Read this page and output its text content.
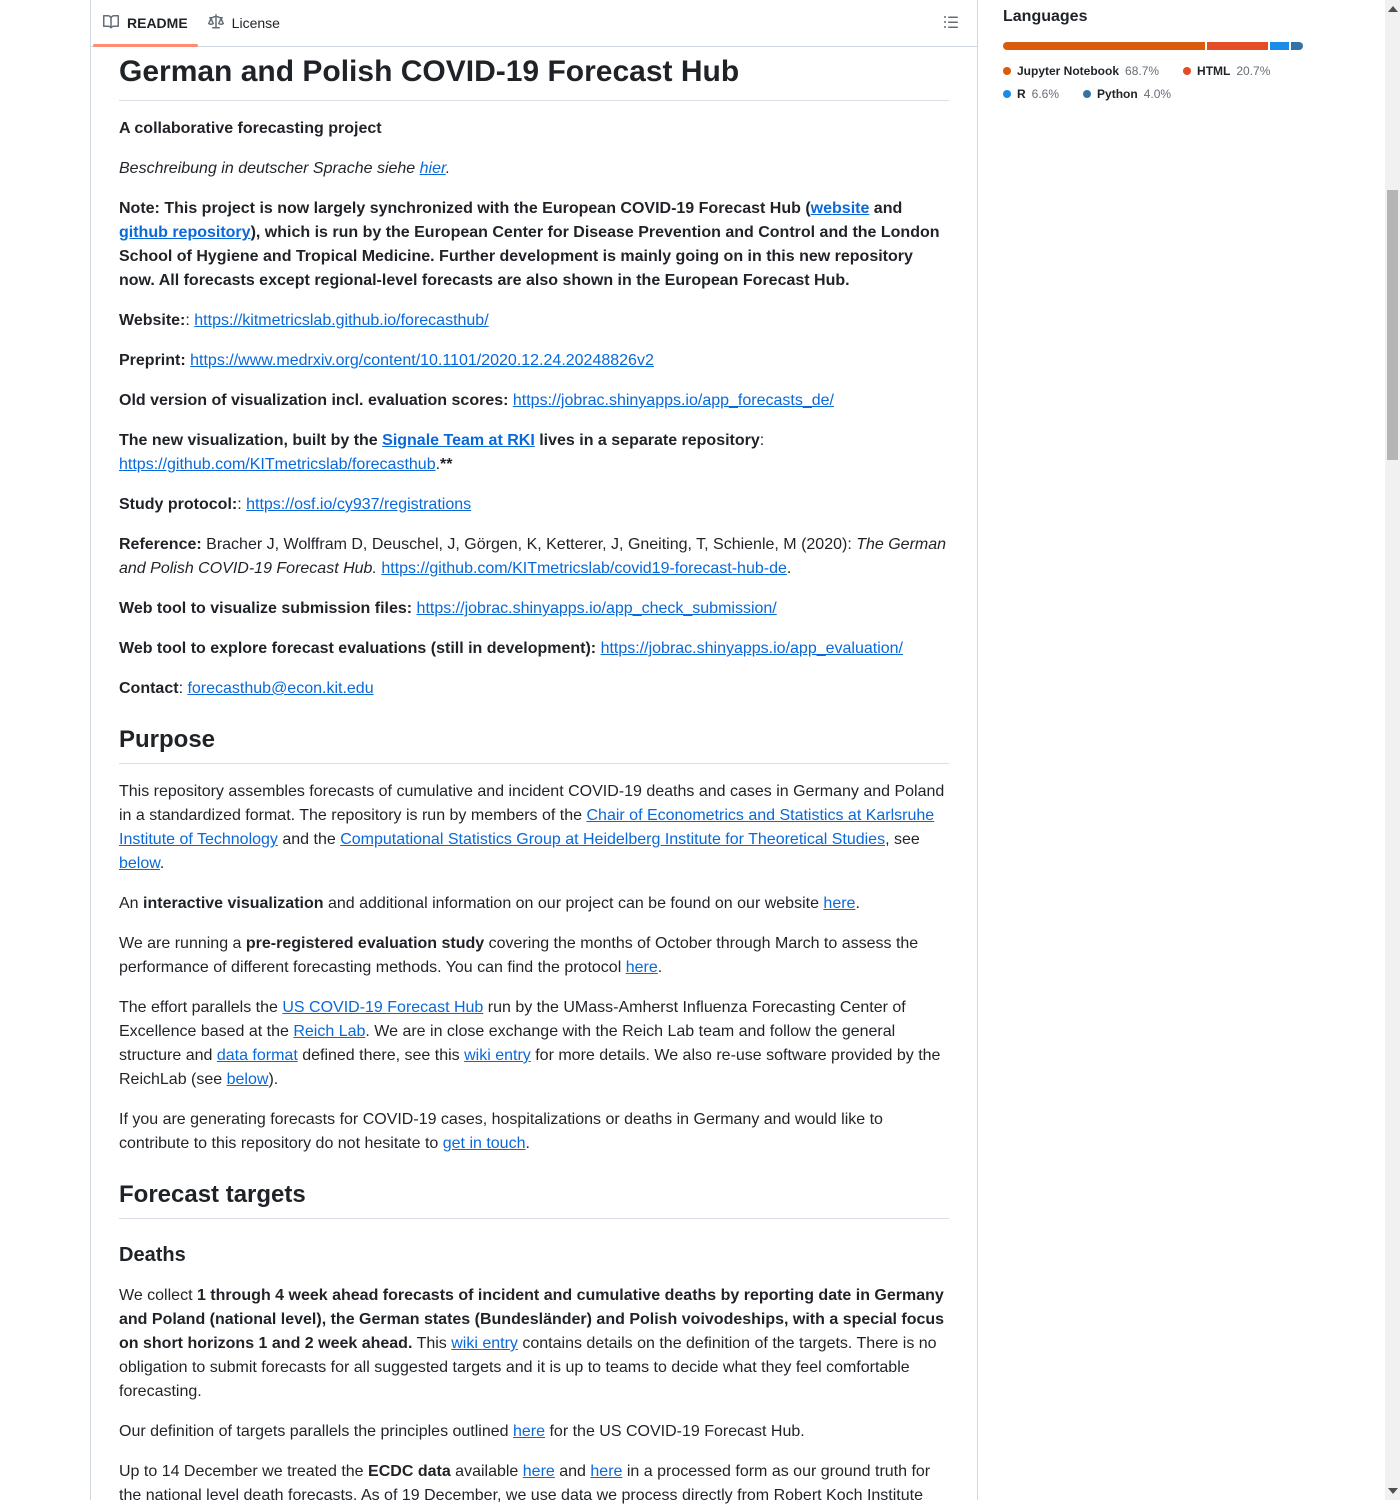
README	License
German and Polish COVID-19 Forecast Hub

A collaborative forecasting project

Beschreibung in deutscher Sprache siehe hier.

Note: This project is now largely synchronized with the European COVID-19 Forecast Hub (website and github repository), which is run by the European Center for Disease Prevention and Control and the London School of Hygiene and Tropical Medicine. Further development is mainly going on in this new repository now. All forecasts except regional-level forecasts are also shown in the European Forecast Hub.

Website:: https://kitmetricslab.github.io/forecasthub/

Preprint: https://www.medrxiv.org/content/10.1101/2020.12.24.20248826v2

Old version of visualization incl. evaluation scores: https://jobrac.shinyapps.io/app_forecasts_de/

The new visualization, built by the Signale Team at RKI lives in a separate repository: https://github.com/KITmetricslab/forecasthub.**

Study protocol:: https://osf.io/cy937/registrations

Reference: Bracher J, Wolffram D, Deuschel, J, Görgen, K, Ketterer, J, Gneiting, T, Schienle, M (2020): The German and Polish COVID-19 Forecast Hub. https://github.com/KITmetricslab/covid19-forecast-hub-de.

Web tool to visualize submission files: https://jobrac.shinyapps.io/app_check_submission/

Web tool to explore forecast evaluations (still in development): https://jobrac.shinyapps.io/app_evaluation/

Contact: forecasthub@econ.kit.edu

Purpose

This repository assembles forecasts of cumulative and incident COVID-19 deaths and cases in Germany and Poland in a standardized format. The repository is run by members of the Chair of Econometrics and Statistics at Karlsruhe Institute of Technology and the Computational Statistics Group at Heidelberg Institute for Theoretical Studies, see below.

An interactive visualization and additional information on our project can be found on our website here.

We are running a pre-registered evaluation study covering the months of October through March to assess the performance of different forecasting methods. You can find the protocol here.

The effort parallels the US COVID-19 Forecast Hub run by the UMass-Amherst Influenza Forecasting Center of Excellence based at the Reich Lab. We are in close exchange with the Reich Lab team and follow the general structure and data format defined there, see this wiki entry for more details. We also re-use software provided by the ReichLab (see below).

If you are generating forecasts for COVID-19 cases, hospitalizations or deaths in Germany and would like to contribute to this repository do not hesitate to get in touch.

Forecast targets
Deaths

We collect 1 through 4 week ahead forecasts of incident and cumulative deaths by reporting date in Germany and Poland (national level), the German states (Bundesländer) and Polish voivodeships, with a special focus on short horizons 1 and 2 week ahead. This wiki entry contains details on the definition of the targets. There is no obligation to submit forecasts for all suggested targets and it is up to teams to decide what they feel comfortable forecasting.

Our definition of targets parallels the principles outlined here for the US COVID-19 Forecast Hub.

Up to 14 December we treated the ECDC data available here and here in a processed form as our ground truth for the national level death forecasts. As of 19 December, we use data we process directly from Robert Koch Institute

Languages
Jupyter Notebook 68.7%	HTML 20.7%
R 6.6%	Python 4.0%
